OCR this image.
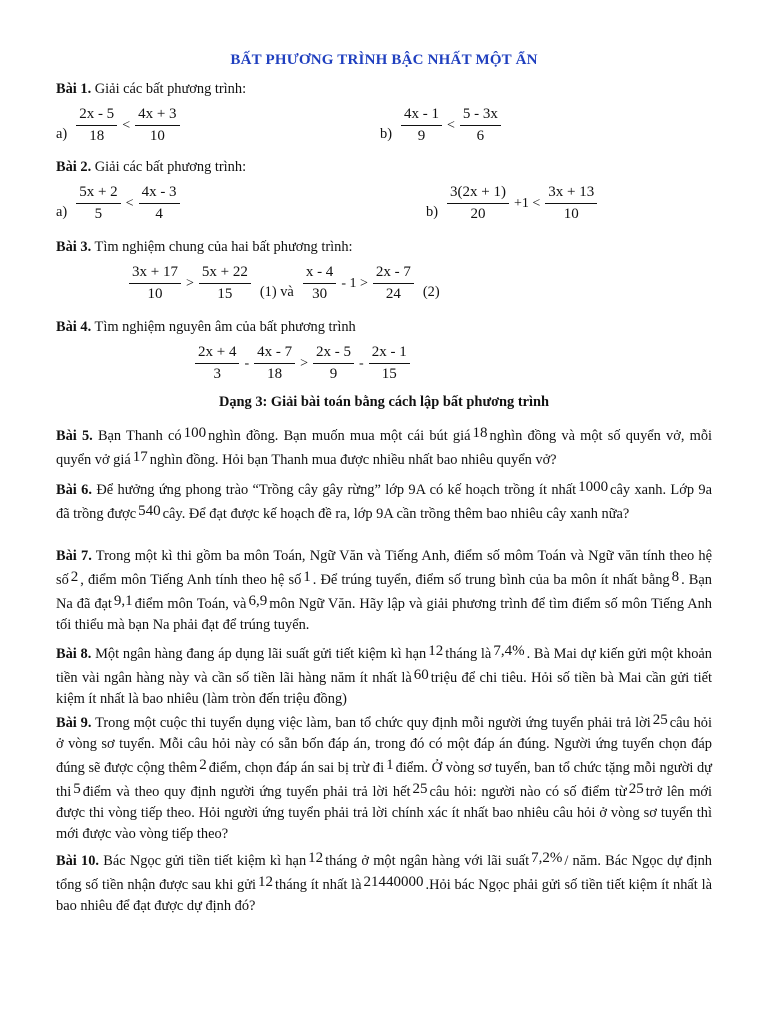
BẤT PHƯƠNG TRÌNH BẬC NHẤT MỘT ẨN
Bài 1. Giải các bất phương trình:
$a) \frac{2x - 5}{18} < \frac{4x + 3}{10}$	$b) \frac{4x - 1}{9} < \frac{5 - 3x}{6}$
Bài 2. Giải các bất phương trình:
$a) \frac{5x + 2}{5} < \frac{4x - 3}{4}$	$b) \frac{3(2x + 1)}{20} +1 < \frac{3x + 13}{10}$
Bài 3. Tìm nghiệm chung của hai bất phương trình:
$\frac{3x + 17}{10} > \frac{5x + 22}{15} (1)$ và $\frac{x - 4}{30} - 1 > \frac{2x - 7}{24} (2)$
Bài 4. Tìm nghiệm nguyên âm của bất phương trình
$\frac{2x + 4}{3} - \frac{4x - 7}{18} > \frac{2x - 5}{9} - \frac{2x - 1}{15}$
Dạng 3: Giải bài toán bằng cách lập bất phương trình
Bài 5. Bạn Thanh có 100 nghìn đồng. Bạn muốn mua một cái bút giá 18 nghìn đồng và một số quyển vở, mỗi quyển vở giá 17 nghìn đồng. Hỏi bạn Thanh mua được nhiều nhất bao nhiêu quyển vở?
Bài 6. Để hưởng ứng phong trào “Trồng cây gây rừng” lớp 9A có kế hoạch trồng ít nhất 1000 cây xanh. Lớp 9a đã trồng được 540 cây. Để đạt được kế hoạch đề ra, lớp 9A cần trồng thêm bao nhiêu cây xanh nữa?
Bài 7. Trong một kì thi gồm ba môn Toán, Ngữ Văn và Tiếng Anh, điểm số môm Toán và Ngữ văn tính theo hệ số 2 , điểm môn Tiếng Anh tính theo hệ số 1 . Để trúng tuyển, điểm số trung bình của ba môn ít nhất bằng 8 . Bạn Na đã đạt 9,1 điểm môn Toán, và 6,9 môn Ngữ Văn. Hãy lập và giải phương trình để tìm điểm số môn Tiếng Anh tối thiểu mà bạn Na phải đạt để trúng tuyển.
Bài 8. Một ngân hàng đang áp dụng lãi suất gửi tiết kiệm kì hạn 12 tháng là 7,4% . Bà Mai dự kiến gửi một khoản tiền vài ngân hàng này và cần số tiền lãi hàng năm ít nhất là 60 triệu để chi tiêu. Hỏi số tiền bà Mai cần gửi tiết kiệm ít nhất là bao nhiêu (làm tròn đến triệu đồng)
Bài 9. Trong một cuộc thi tuyển dụng việc làm, ban tổ chức quy định mỗi người ứng tuyển phải trả lời 25 câu hỏi ở vòng sơ tuyển. Mỗi câu hỏi này có sẵn bốn đáp án, trong đó có một đáp án đúng. Người ứng tuyển chọn đáp đúng sẽ được cộng thêm 2 điểm, chọn đáp án sai bị trừ đi 1 điểm. Ở vòng sơ tuyển, ban tổ chức tặng mỗi người dự thi 5 điểm và theo quy định người ứng tuyển phải trả lời hết 25 câu hỏi: người nào có số điểm từ 25 trở lên mới được thi vòng tiếp theo. Hỏi người ứng tuyển phải trả lời chính xác ít nhất bao nhiêu câu hỏi ở vòng sơ tuyển thì mới được vào vòng tiếp theo?
Bài 10. Bác Ngọc gửi tiền tiết kiệm kì hạn 12 tháng ở một ngân hàng với lãi suất 7,2% / năm. Bác Ngọc dự định tổng số tiền nhận được sau khi gửi 12 tháng ít nhất là 21440000 .Hỏi bác Ngọc phải gửi số tiền tiết kiệm ít nhất là bao nhiêu để đạt được dự định đó?
